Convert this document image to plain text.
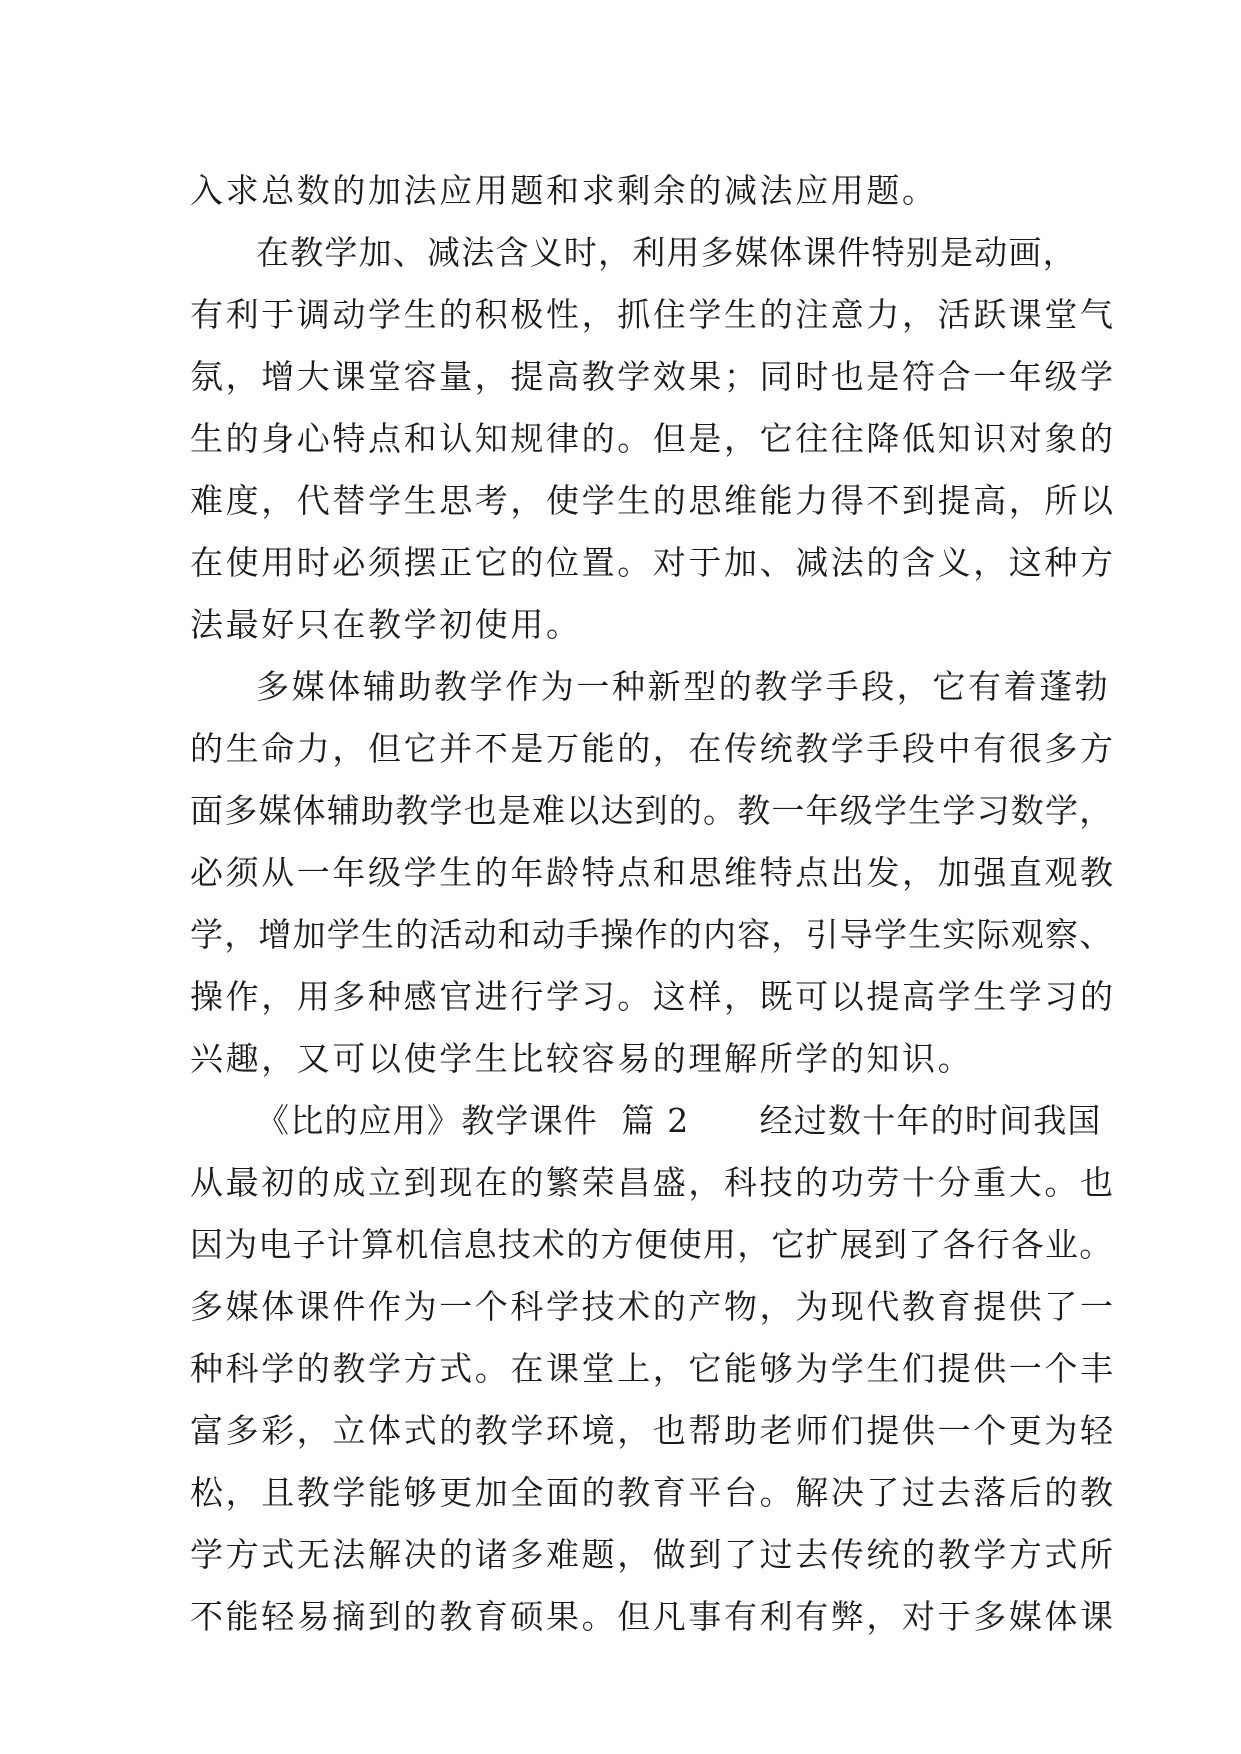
入求总数的加法应用题和求剩余的减法应用题。
在教学加、减法含义时，利用多媒体课件特别是动画，
有利于调动学生的积极性，抓住学生的注意力，活跃课堂气
氛，增大课堂容量，提高教学效果；同时也是符合一年级学
生的身心特点和认知规律的。但是，它往往降低知识对象的
难度，代替学生思考，使学生的思维能力得不到提高，所以
在使用时必须摆正它的位置。对于加、减法的含义，这种方
法最好只在教学初使用。
多媒体辅助教学作为一种新型的教学手段，它有着蓬勃
的生命力，但它并不是万能的，在传统教学手段中有很多方
面多媒体辅助教学也是难以达到的。教一年级学生学习数学，
必须从一年级学生的年龄特点和思维特点出发，加强直观教
学，增加学生的活动和动手操作的内容，引导学生实际观察、
操作，用多种感官进行学习。这样，既可以提高学生学习的
兴趣，又可以使学生比较容易的理解所学的知识。
《比的应用》教学课件  篇 2      经过数十年的时间我国
从最初的成立到现在的繁荣昌盛，科技的功劳十分重大。也
因为电子计算机信息技术的方便使用，它扩展到了各行各业。
多媒体课件作为一个科学技术的产物，为现代教育提供了一
种科学的教学方式。在课堂上，它能够为学生们提供一个丰
富多彩，立体式的教学环境，也帮助老师们提供一个更为轻
松，且教学能够更加全面的教育平台。解决了过去落后的教
学方式无法解决的诸多难题，做到了过去传统的教学方式所
不能轻易摘到的教育硕果。但凡事有利有弊，对于多媒体课
